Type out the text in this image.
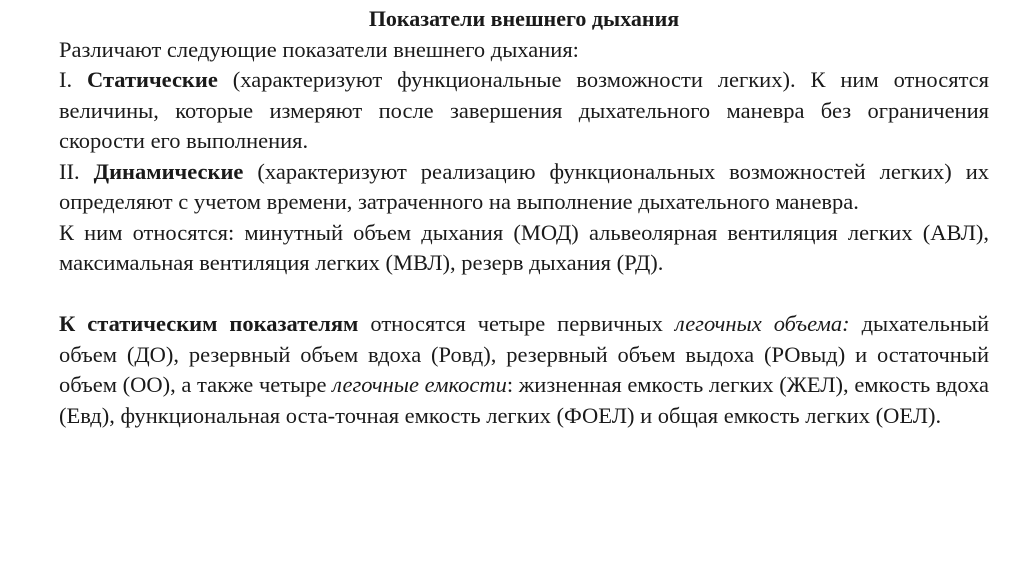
Показатели внешнего дыхания

Различают следующие показатели внешнего дыхания:

I. Статические (характеризуют функциональные возможности легких). К ним относятся величины, которые измеряют после завершения дыхательного маневра без ограничения скорости его выполнения.

II. Динамические (характеризуют реализацию функциональных возможностей легких) их определяют с учетом времени, затраченного на выполнение дыхательного маневра.

К ним относятся: минутный объем дыхания (МОД) альвеолярная вентиляция легких (АВЛ), максимальная вентиляция легких (МВЛ), резерв дыхания (РД).

К статическим показателям относятся четыре первичных легочных объема: дыхательный объем (ДО), резервный объем вдоха (Ровд), резервный объем выдоха (РОвыд) и остаточный объем (ОО), а также четыре легочные емкости: жизненная емкость легких (ЖЕЛ), емкость вдоха (Евд), функциональная оста-точная емкость легких (ФОЕЛ) и общая емкость легких (ОЕЛ).
